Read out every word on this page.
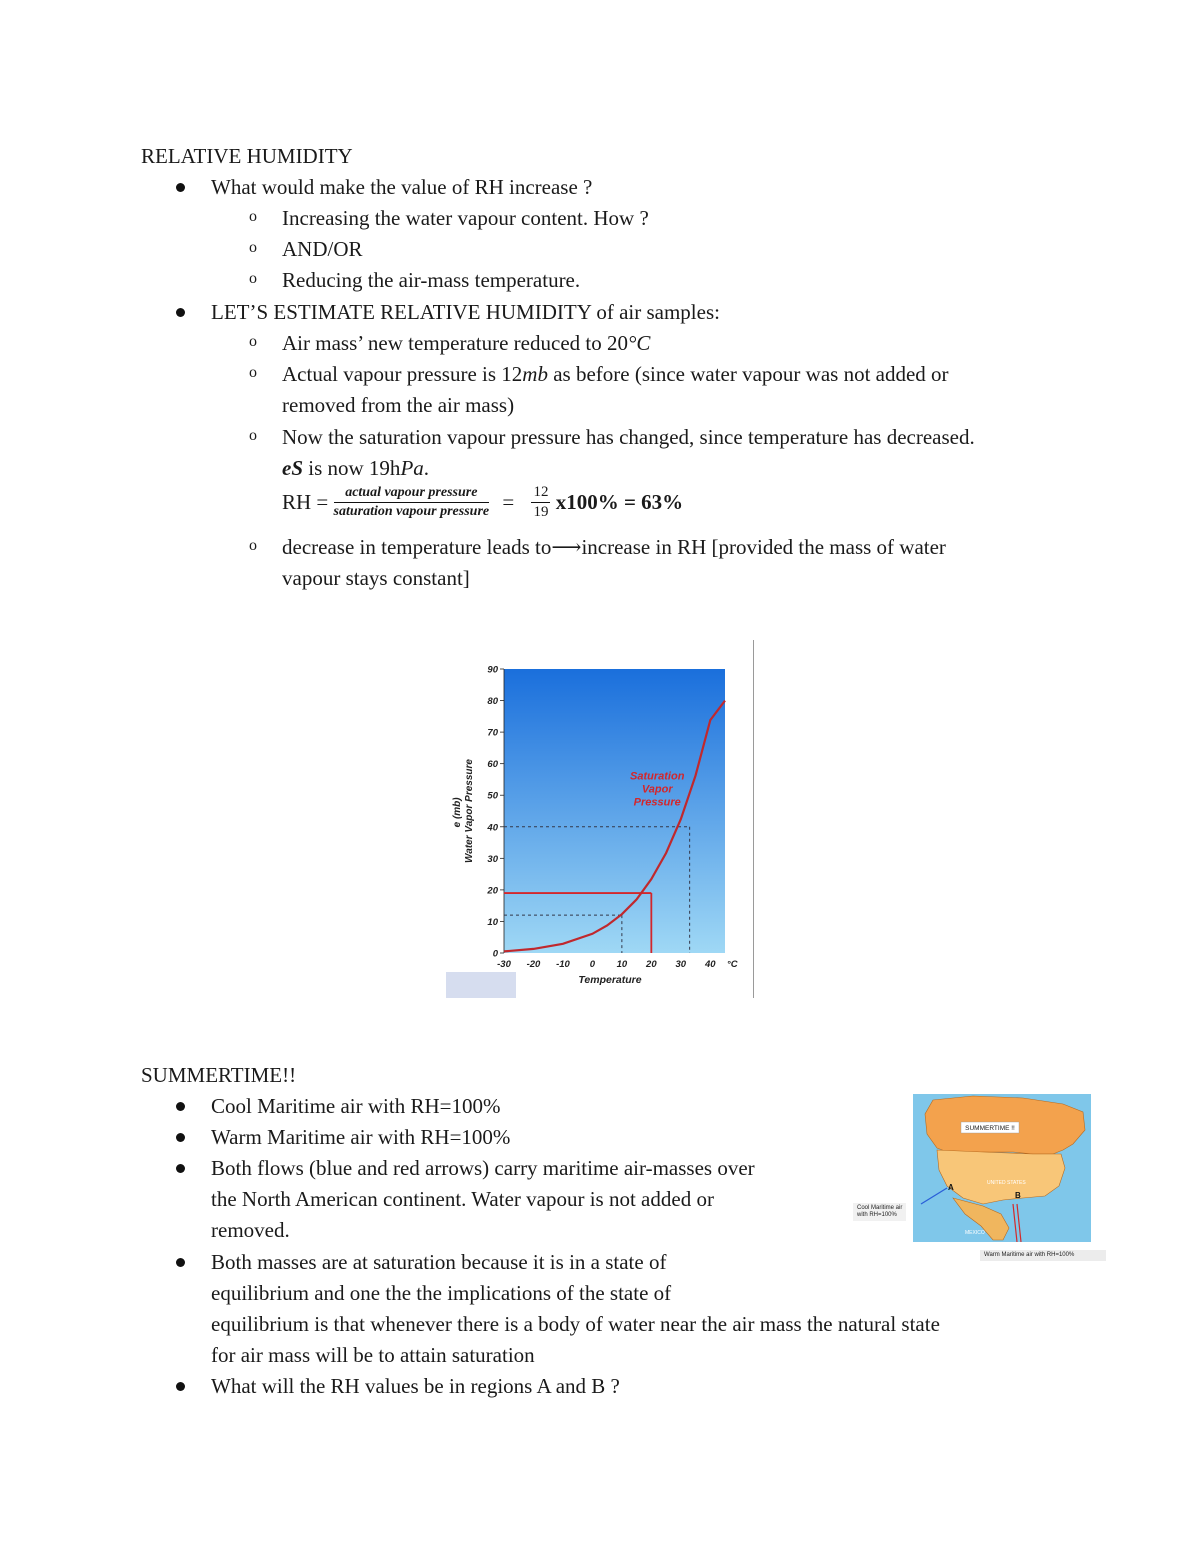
RELATIVE HUMIDITY
What would make the value of RH increase ?
o Increasing the water vapour content. How ?
o AND/OR
o Reducing the air-mass temperature.
LET’S ESTIMATE RELATIVE HUMIDITY of air samples:
o Air mass’ new temperature reduced to 20°C
o Actual vapour pressure is 12mb as before (since water vapour was not added or
removed from the air mass)
o Now the saturation vapour pressure has changed, since temperature has decreased.
eS is now 19hPa.
RH = $\frac{\text{actual vapour pressure}}{\text{saturation vapour pressure}} = \frac{12}{19} x100\% = 63\%$
o decrease in temperature leads to⟶increase in RH [provided the mass of water
vapour stays constant]
0
10
20
30
40
50
60
70
80
90
-30 -20 -10 0 10 20 30 40 °C
Saturation Vapor Pressure
e (mb) Water Vapor Pressure
Temperature
SUMMERTIME!!
Cool Maritime air with RH=100%
Warm Maritime air with RH=100%
Both flows (blue and red arrows) carry maritime air-masses over
the North American continent. Water vapour is not added or
removed.
Both masses are at saturation because it is in a state of
equilibrium and one the the implications of the state of
equilibrium is that whenever there is a body of water near the air mass the natural state
for air mass will be to attain saturation
What will the RH values be in regions A and B ?
SUMMERTIME !!
A
B
UNITED STATES
MEXICO
Cool Maritime air
with RH=100%
Warm Maritime air with RH=100%
